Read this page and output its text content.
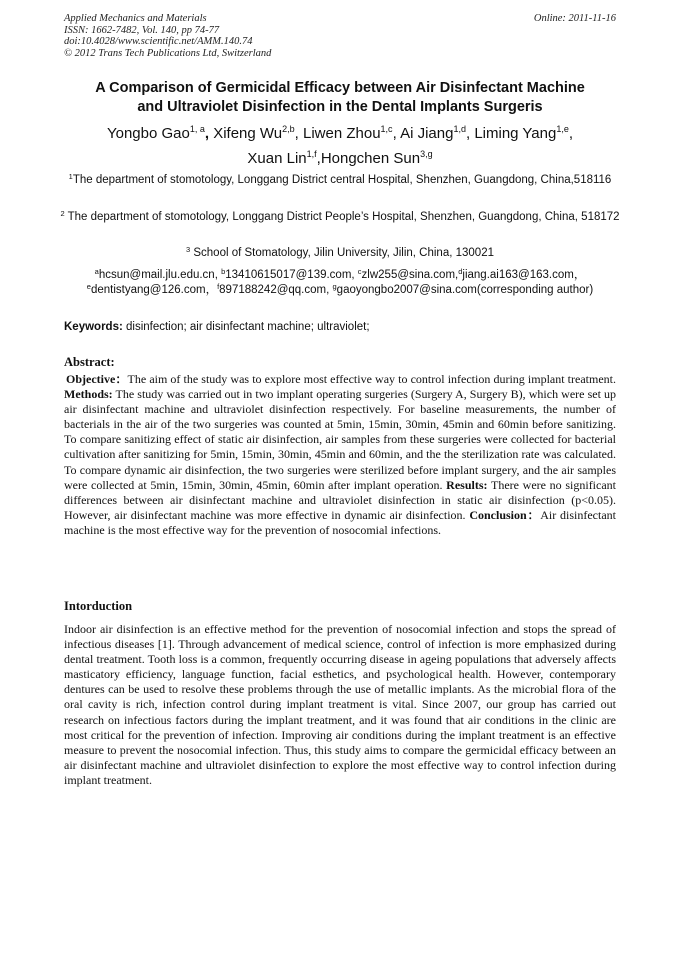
Applied Mechanics and Materials
ISSN: 1662-7482, Vol. 140, pp 74-77
doi:10.4028/www.scientific.net/AMM.140.74
© 2012 Trans Tech Publications Ltd, Switzerland
Online: 2011-11-16
A Comparison of Germicidal Efficacy between Air Disinfectant Machine
and Ultraviolet Disinfection in the Dental Implants Surgeris
Yongbo Gao$^{1, a}$, Xifeng Wu$^{2,b}$, Liwen Zhou$^{1,c}$, Ai Jiang$^{1,d}$, Liming Yang$^{1,e}$,
Xuan Lin$^{1,f}$,Hongchen Sun$^{3,g}$
$^1$The department of stomotology, Longgang District central Hospital, Shenzhen, Guangdong, China,518116
$^2$ The department of stomotology, Longgang District People’s Hospital, Shenzhen, Guangdong, China, 518172
$^3$ School of Stomatology, Jilin University, Jilin, China, 130021
$^a$hcsun@mail.jlu.edu.cn, $^b$13410615017@139.com, $^c$zlw255@sina.com,$^d$jiang.ai163@163.com，
$^e$dentistyang@126.com，$^f$897188242@qq.com, $^g$gaoyongbo2007@sina.com(corresponding author)
Keywords: disinfection; air disinfectant machine; ultraviolet;
Abstract:
Objective：The aim of the study was to explore most effective way to control infection during implant treatment. Methods: The study was carried out in two implant operating surgeries (Surgery A, Surgery B), which were set up air disinfectant machine and ultraviolet disinfection respectively. For baseline measurements, the number of bacterials in the air of the two surgeries was counted at 5min, 15min, 30min, 45min and 60min before sanitizing. To compare sanitizing effect of static air disinfection, air samples from these surgeries were collected for bacterial cultivation after sanitizing for 5min, 15min, 30min, 45min and 60min, and the the sterilization rate was calculated. To compare dynamic air disinfection, the two surgeries were sterilized before implant surgery, and the air samples were collected at 5min, 15min, 30min, 45min, 60min after implant operation. Results: There were no significant differences between air disinfectant machine and ultraviolet disinfection in static air disinfection (p<0.05). However, air disinfectant machine was more effective in dynamic air disinfection. Conclusion：Air disinfectant machine is the most effective way for the prevention of nosocomial infections.
Intorduction
Indoor air disinfection is an effective method for the prevention of nosocomial infection and stops the spread of infectious diseases [1]. Through advancement of medical science, control of infection is more emphasized during dental treatment. Tooth loss is a common, frequently occurring disease in ageing populations that adversely affects masticatory efficiency, language function, facial esthetics, and psychological health. However, contemporary dentures can be used to resolve these problems through the use of metallic implants. As the microbial flora of the oral cavity is rich, infection control during implant treatment is vital. Since 2007, our group has carried out research on infectious factors during the implant treatment, and it was found that air conditions in the clinic are most critical for the prevention of infection. Improving air conditions during the implant treatment is an effective measure to prevent the nosocomial infection. Thus, this study aims to compare the germicidal efficacy between an air disinfectant machine and ultraviolet disinfection to explore the most effective way to control infection during implant treatment.
